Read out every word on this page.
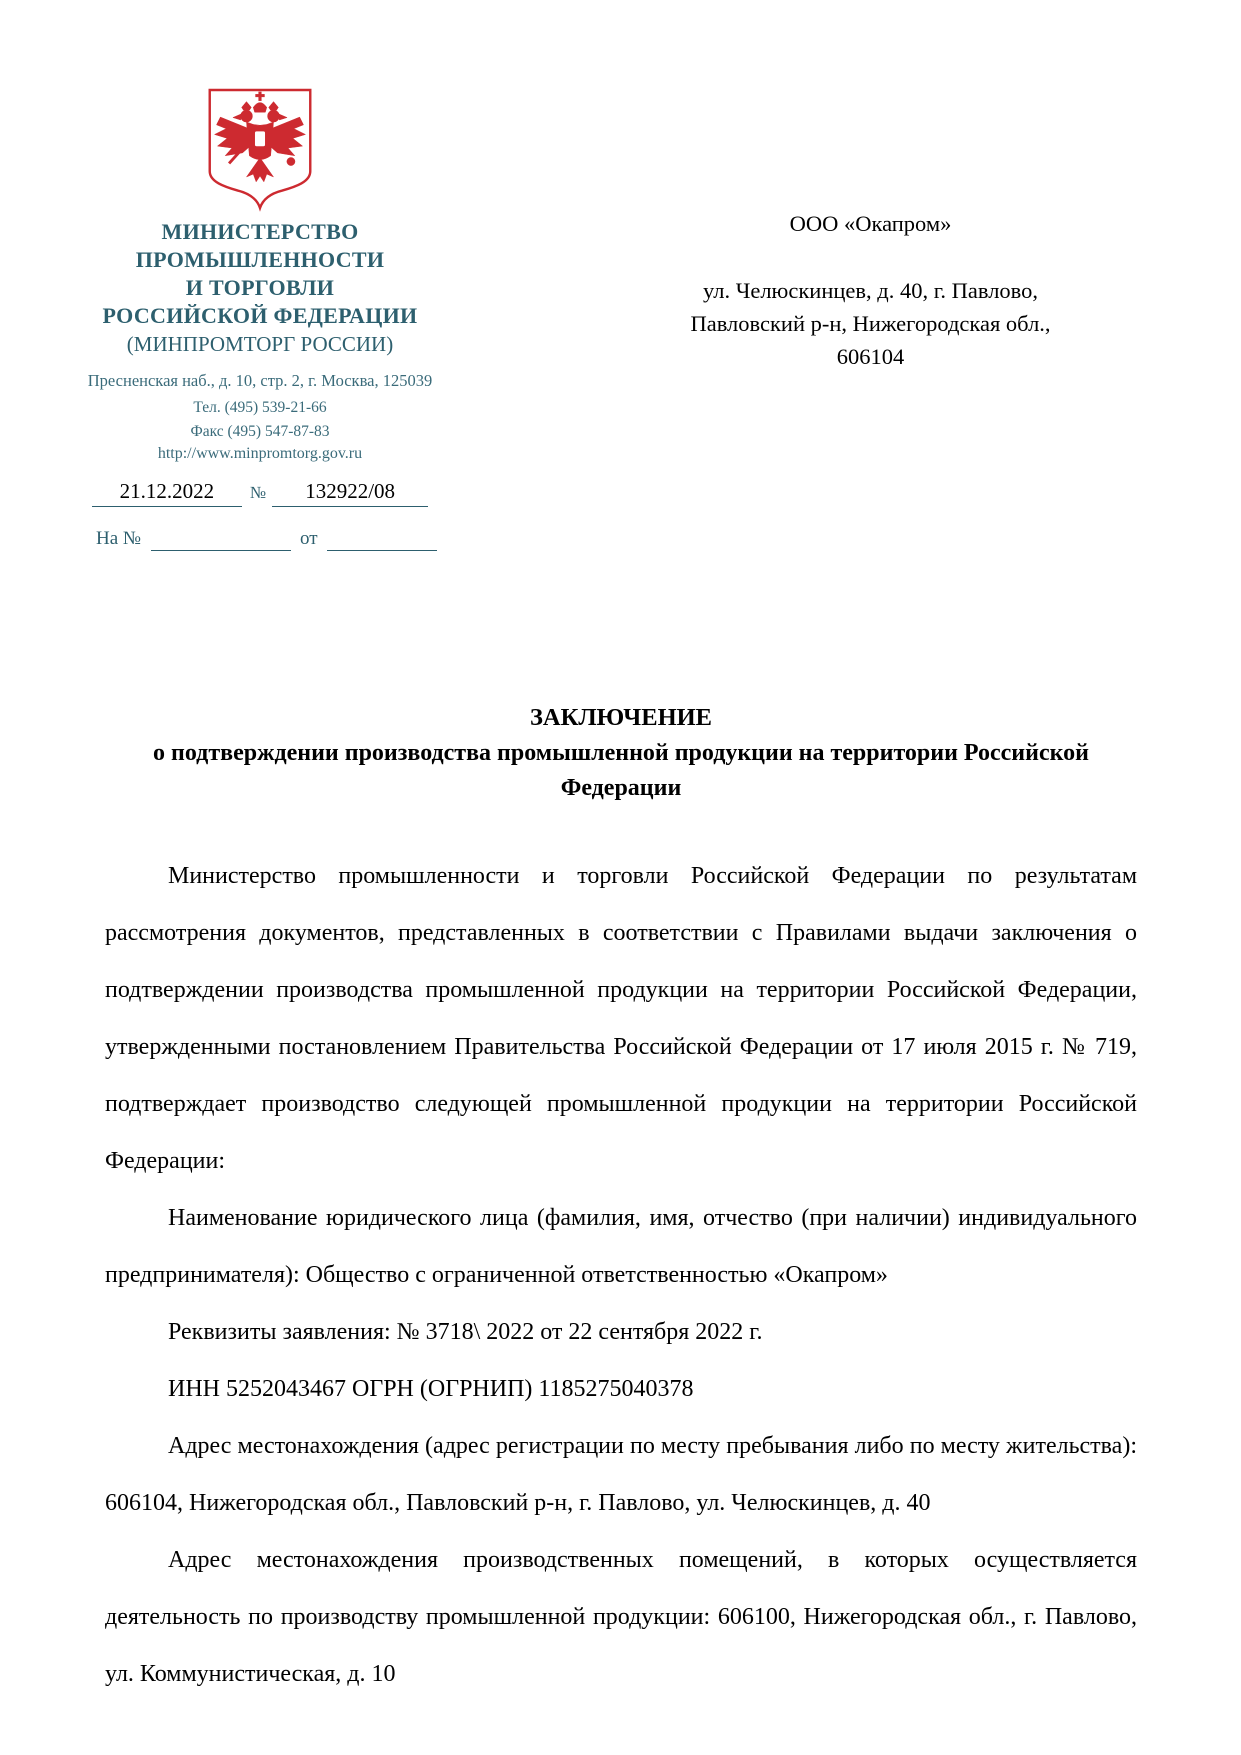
МИНИСТЕРСТВО
ПРОМЫШЛЕННОСТИ
И ТОРГОВЛИ
РОССИЙСКОЙ ФЕДЕРАЦИИ
(МИНПРОМТОРГ РОССИИ)
Пресненская наб., д. 10, стр. 2, г. Москва, 125039
Тел. (495) 539-21-66
Факс (495) 547-87-83
http://www.minpromtorg.gov.ru
21.12.2022	№	132922/08
На №	от
ООО «Окапром»
ул. Челюскинцев, д. 40, г. Павлово,
Павловский р-н, Нижегородская обл.,
606104
ЗАКЛЮЧЕНИЕ
о подтверждении производства промышленной продукции на территории Российской Федерации

Министерство промышленности и торговли Российской Федерации по результатам рассмотрения документов, представленных в соответствии с Правилами выдачи заключения о подтверждении производства промышленной продукции на территории Российской Федерации, утвержденными постановлением Правительства Российской Федерации от 17 июля 2015 г. № 719, подтверждает производство следующей промышленной продукции на территории Российской Федерации:

Наименование юридического лица (фамилия, имя, отчество (при наличии) индивидуального предпринимателя): Общество с ограниченной ответственностью «Окапром»

Реквизиты заявления: № 3718\ 2022 от 22 сентября 2022 г.

ИНН 5252043467 ОГРН (ОГРНИП) 1185275040378

Адрес местонахождения (адрес регистрации по месту пребывания либо по месту жительства): 606104, Нижегородская обл., Павловский р-н, г. Павлово, ул. Челюскинцев, д. 40

Адрес местонахождения производственных помещений, в которых осуществляется деятельность по производству промышленной продукции: 606100, Нижегородская обл., г. Павлово, ул. Коммунистическая, д. 10
